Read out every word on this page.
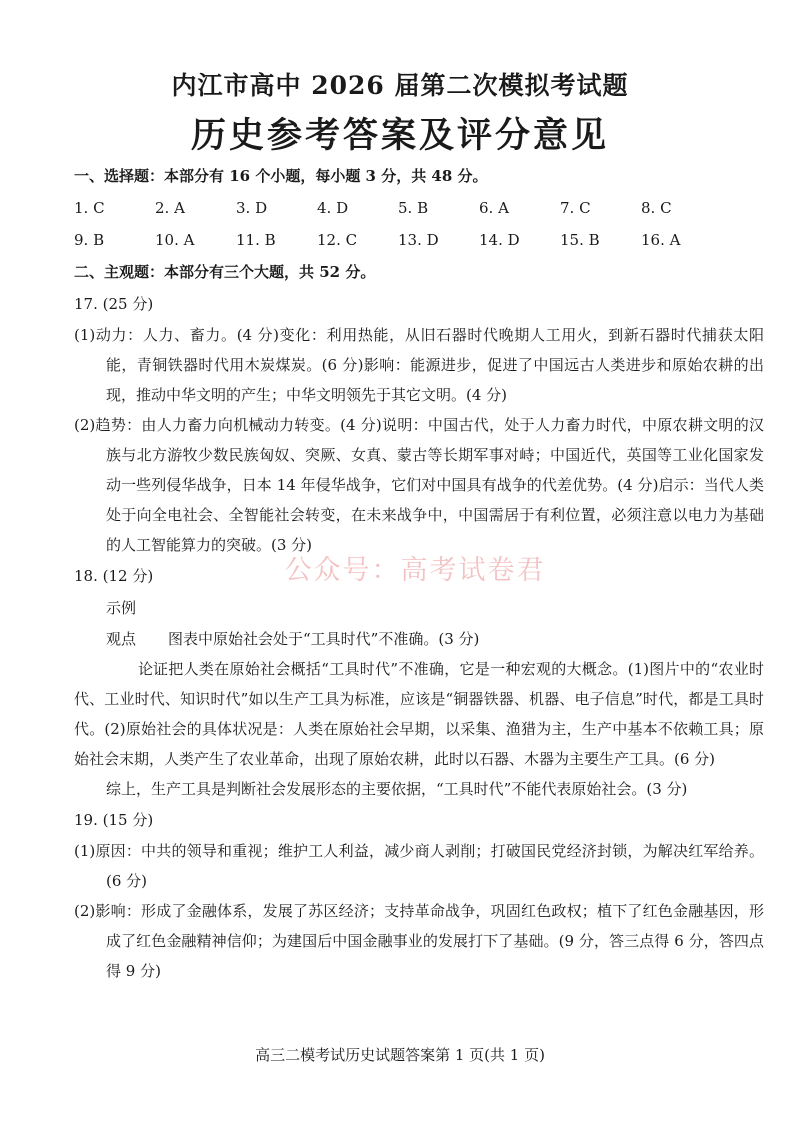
内江市高中 2026 届第二次模拟考试题
历史参考答案及评分意见
一、选择题：本部分有 16 个小题，每小题 3 分，共 48 分。
1. C	2. A	3. D	4. D	5. B	6. A	7. C	8. C
9. B	10. A	11. B	12. C	13. D	14. D	15. B	16. A
二、主观题：本部分有三个大题，共 52 分。
17. (25 分)

(1)动力：人力、畜力。(4 分)变化：利用热能，从旧石器时代晚期人工用火，到新石器时代捕获太阳能，青铜铁器时代用木炭煤炭。(6 分)影响：能源进步，促进了中国远古人类进步和原始农耕的出现，推动中华文明的产生；中华文明领先于其它文明。(4 分)

(2)趋势：由人力畜力向机械动力转变。(4 分)说明：中国古代，处于人力畜力时代，中原农耕文明的汉族与北方游牧少数民族匈奴、突厥、女真、蒙古等长期军事对峙；中国近代，英国等工业化国家发动一些列侵华战争，日本 14 年侵华战争，它们对中国具有战争的代差优势。(4 分)启示：当代人类处于向全电社会、全智能社会转变，在未来战争中，中国需居于有利位置，必须注意以电力为基础的人工智能算力的突破。(3 分)

18. (12 分)
示例

观点 图表中原始社会处于“工具时代”不准确。(3 分)

论证把人类在原始社会概括“工具时代”不准确，它是一种宏观的大概念。(1)图片中的“农业时代、工业时代、知识时代”如以生产工具为标准，应该是“铜器铁器、机器、电子信息”时代，都是工具时代。(2)原始社会的具体状况是：人类在原始社会早期，以采集、渔猎为主，生产中基本不依赖工具；原始社会末期，人类产生了农业革命，出现了原始农耕，此时以石器、木器为主要生产工具。(6 分)

综上，生产工具是判断社会发展形态的主要依据，“工具时代”不能代表原始社会。(3 分)

19. (15 分)

(1)原因：中共的领导和重视；维护工人利益，减少商人剥削；打破国民党经济封锁，为解决红军给养。(6 分)

(2)影响：形成了金融体系，发展了苏区经济；支持革命战争，巩固红色政权；植下了红色金融基因，形成了红色金融精神信仰；为建国后中国金融事业的发展打下了基础。(9 分，答三点得 6 分，答四点得 9 分)

公众号：高考试卷君
高三二模考试历史试题答案第 1 页(共 1 页)
